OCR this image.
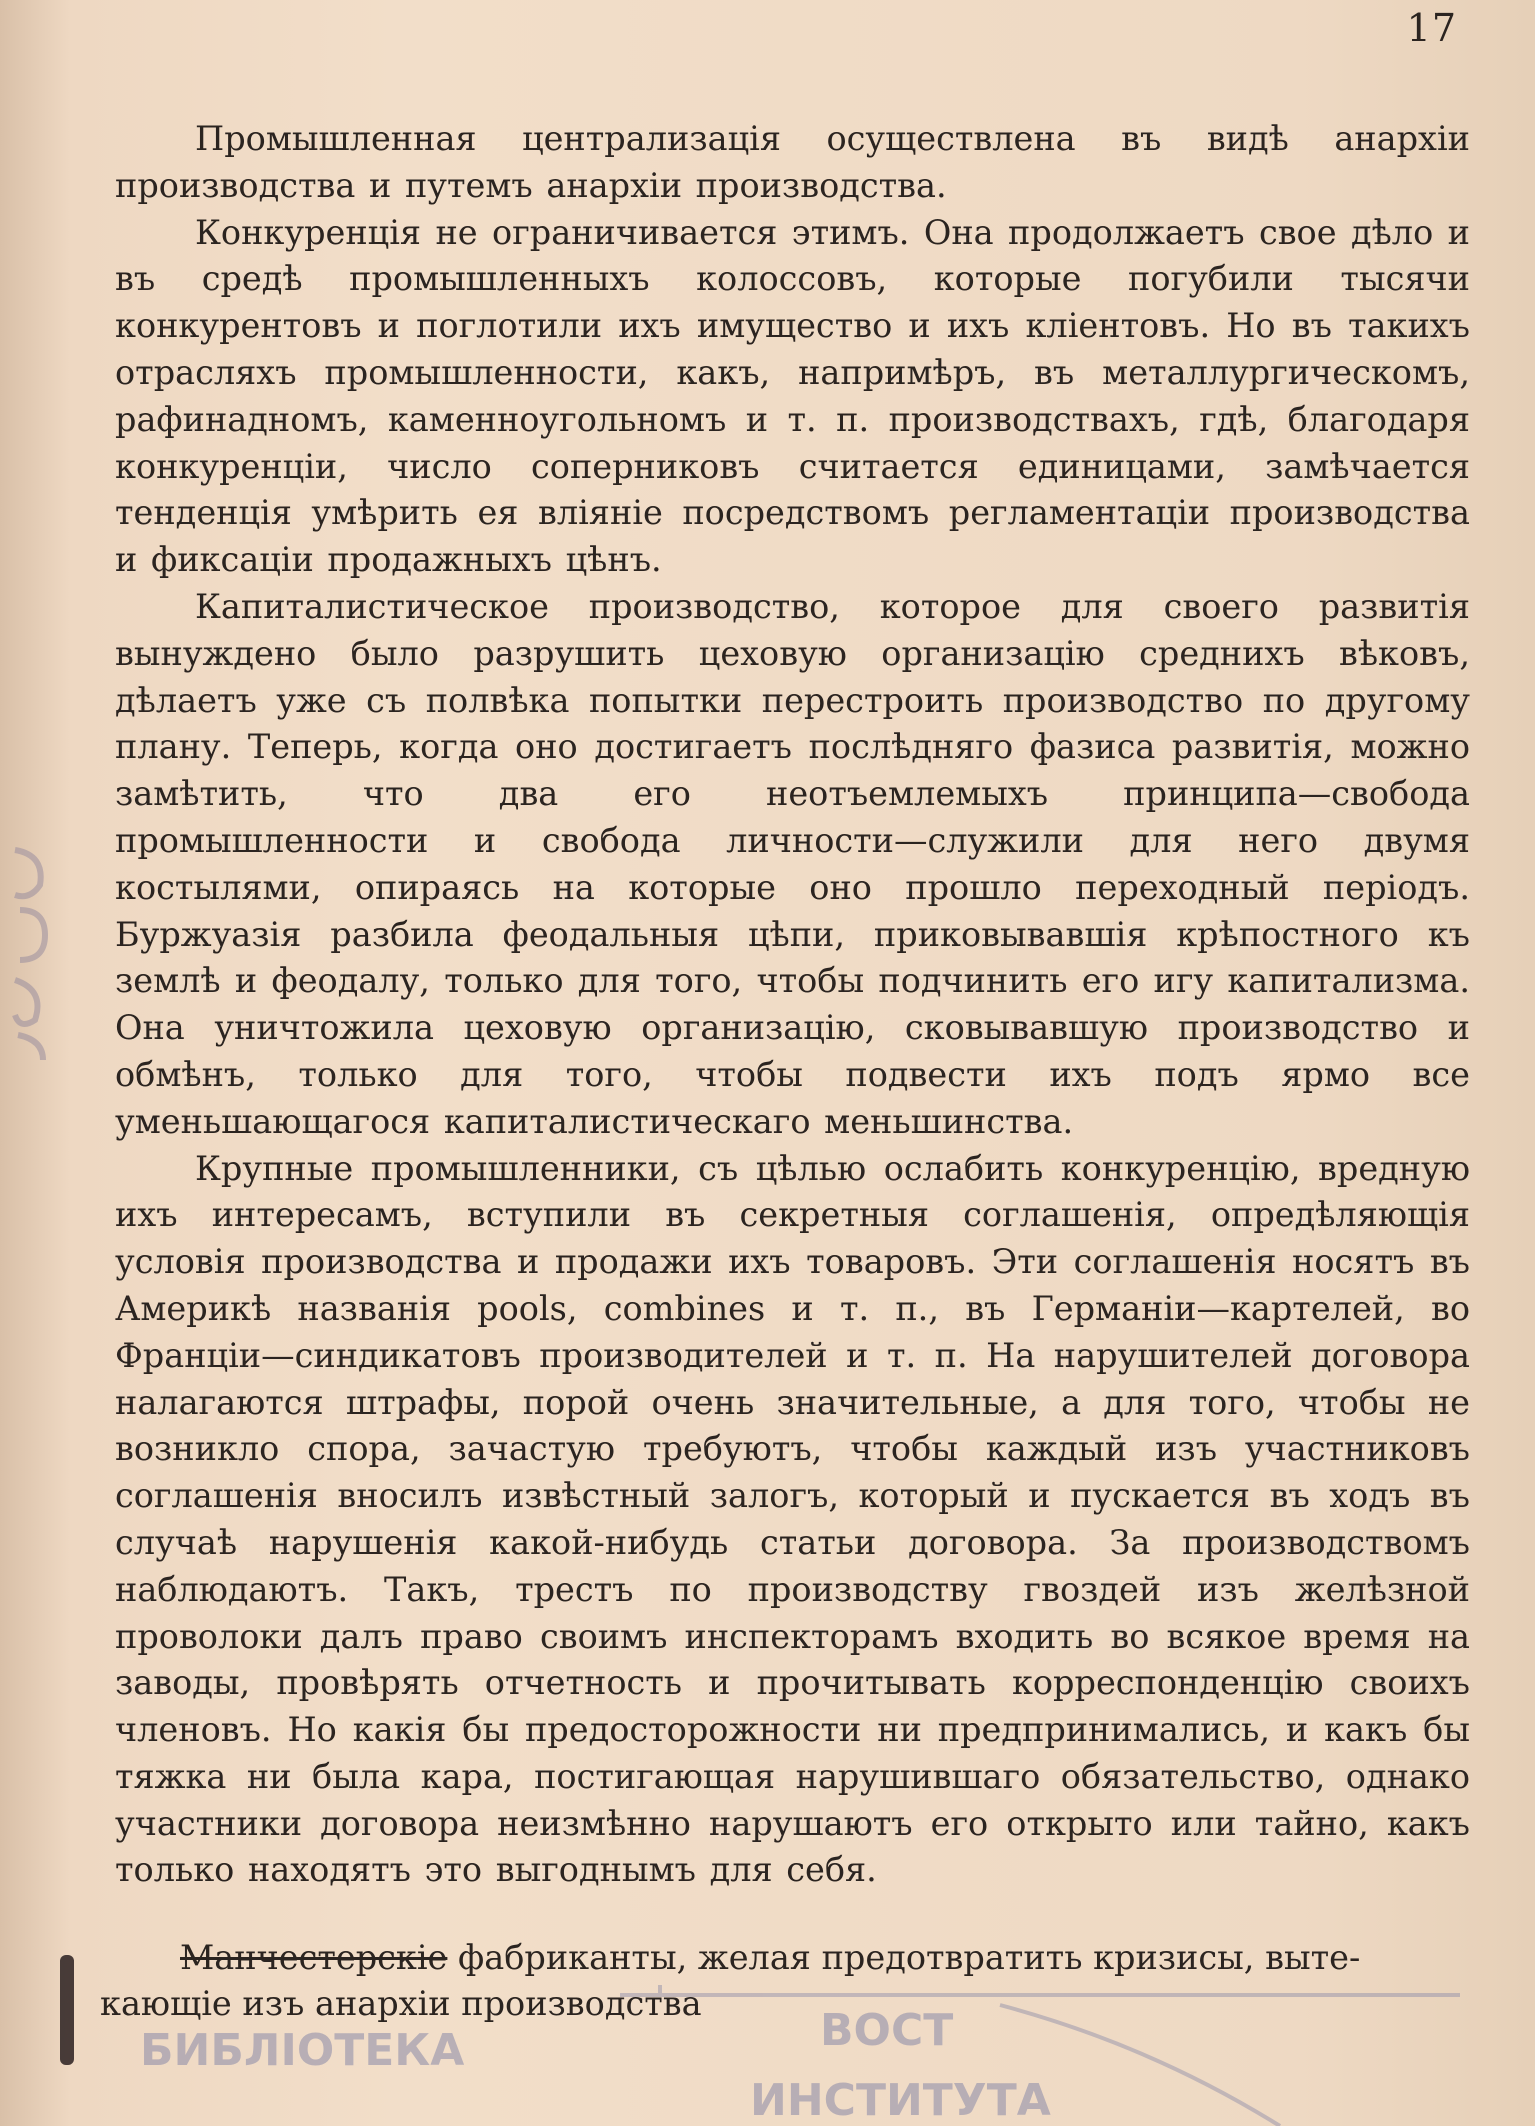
17

Промышленная централизація осуществлена въ видѣ анархіи производства и путемъ анархіи производства.

Конкуренція не ограничивается этимъ. Она продолжаетъ свое дѣло и въ средѣ промышленныхъ колоссовъ, которые погубили тысячи конкурентовъ и поглотили ихъ имущество и ихъ кліентовъ. Но въ такихъ отрасляхъ промышленности, какъ, напримѣръ, въ металлургическомъ, рафинадномъ, каменноугольномъ и т. п. производствахъ, гдѣ, благодаря конкуренціи, число соперниковъ считается единицами, замѣчается тенденція умѣрить ея вліяніе посредствомъ регламентаціи производства и фиксаціи продажныхъ цѣнъ.

Капиталистическое производство, которое для своего развитія вынуждено было разрушить цеховую организацію среднихъ вѣковъ, дѣлаетъ уже съ полвѣка попытки перестроить производство по другому плану. Теперь, когда оно достигаетъ послѣдняго фазиса развитія, можно замѣтить, что два его неотъемлемыхъ принципа—свобода промышленности и свобода личности—служили для него двумя костылями, опираясь на которые оно прошло переходный періодъ. Буржуазія разбила феодальныя цѣпи, приковывавшія крѣпостного къ землѣ и феодалу, только для того, чтобы подчинить его игу капитализма. Она уничтожила цеховую организацію, сковывавшую производство и обмѣнъ, только для того, чтобы подвести ихъ подъ ярмо все уменьшающагося капиталистическаго меньшинства.

Крупные промышленники, съ цѣлью ослабить конкуренцію, вредную ихъ интересамъ, вступили въ секретныя соглашенія, опредѣляющія условія производства и продажи ихъ товаровъ. Эти соглашенія носятъ въ Америкѣ названія pools, combines и т. п., въ Германіи—картелей, во Франціи—синдикатовъ производителей и т. п. На нарушителей договора налагаются штрафы, порой очень значительные, а для того, чтобы не возникло спора, зачастую требуютъ, чтобы каждый изъ участниковъ соглашенія вносилъ извѣстный залогъ, который и пускается въ ходъ въ случаѣ нарушенія какой-нибудь статьи договора. За производствомъ наблюдаютъ. Такъ, трестъ по производству гвоздей изъ желѣзной проволоки далъ право своимъ инспекторамъ входить во всякое время на заводы, провѣрять отчетность и прочитывать корреспонденцію своихъ членовъ. Но какія бы предосторожности ни предпринимались, и какъ бы тяжка ни была кара, постигающая нарушившаго обязательство, однако участники договора неизмѣнно нарушаютъ его открыто или тайно, какъ только находятъ это выгоднымъ для себя.

Манчестерскіе фабриканты, желая предотвратить кризисы, выте-
кающіе изъ анархіи производства
БИБЛІОТЕКА	ВОСТ
ИНСТИТУТА
